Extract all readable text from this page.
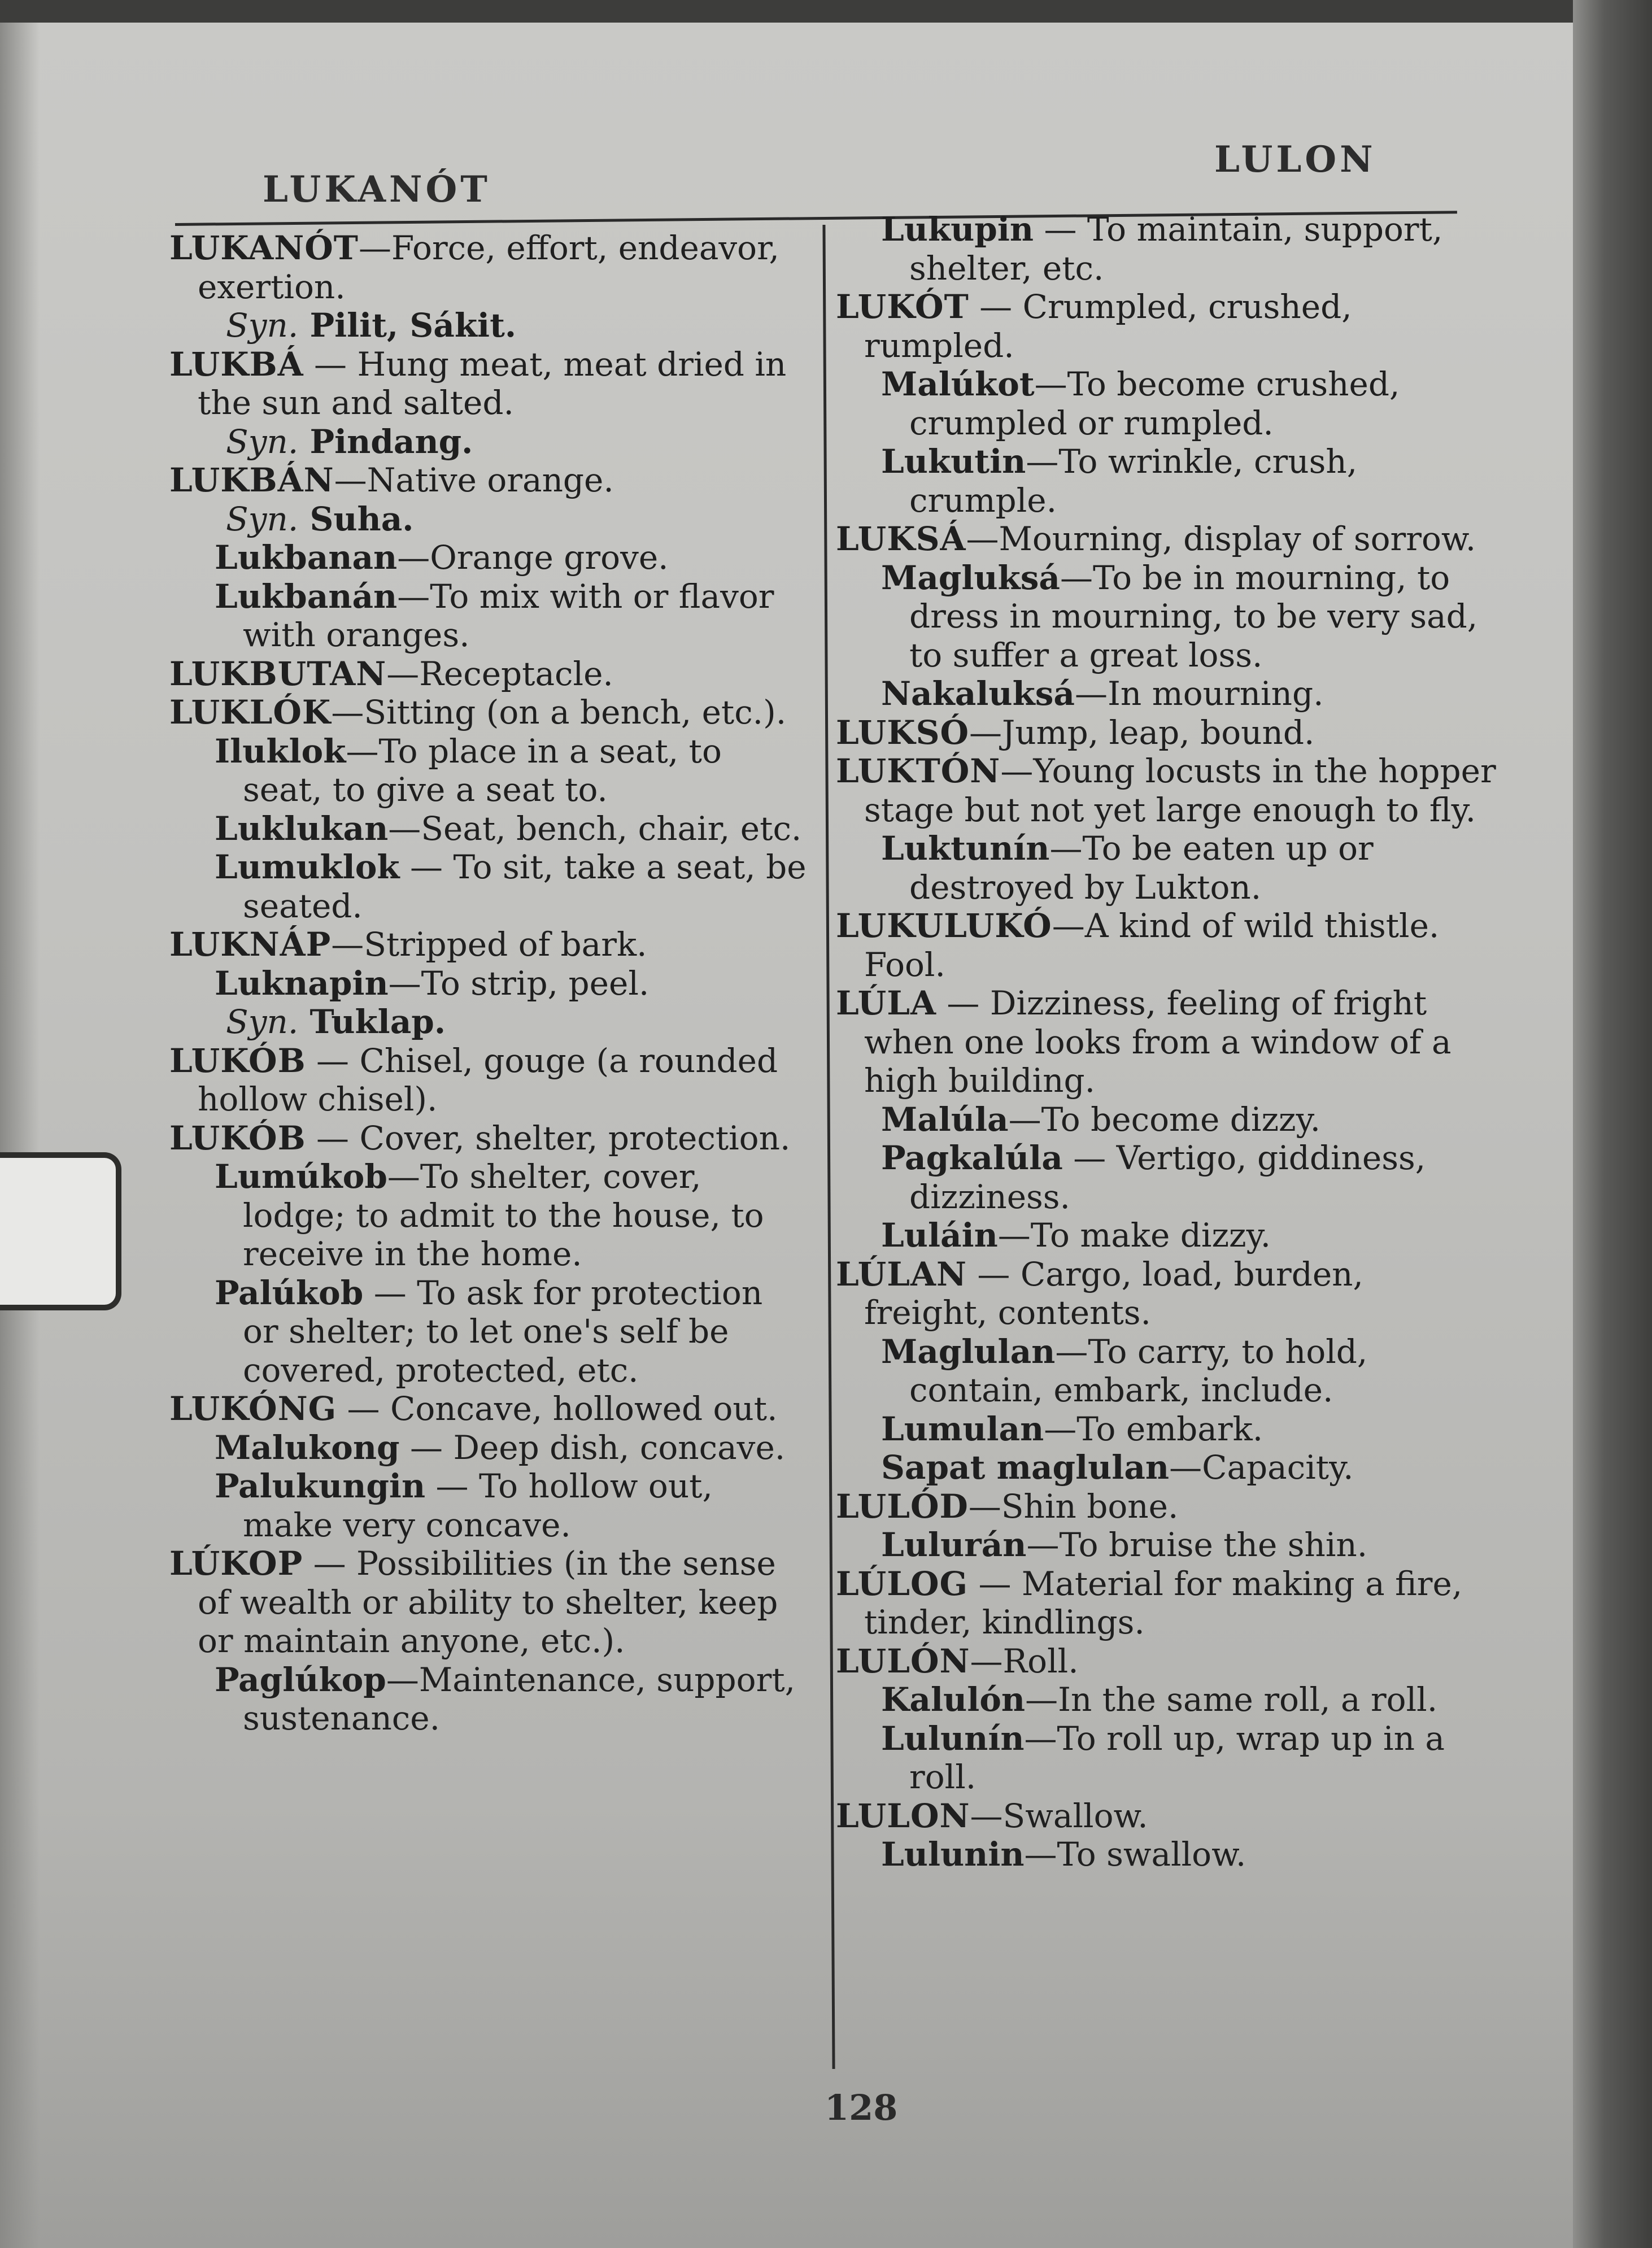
LUKANÓT
LULON

LUKANÓT—Force, effort, endeavor, exertion.

Syn. Pilit, Sákit.

LUKBÁ — Hung meat, meat dried in the sun and salted.

Syn. Pindang.

LUKBÁN—Native orange.

Syn. Suha.

Lukbanan—Orange grove.

Lukbanán—To mix with or flavor with oranges.

LUKBUTAN—Receptacle.

LUKLÓK—Sitting (on a bench, etc.).

Iluklok—To place in a seat, to seat, to give a seat to.

Luklukan—Seat, bench, chair, etc.

Lumuklok — To sit, take a seat, be seated.

LUKNÁP—Stripped of bark.

Luknapin—To strip, peel.

Syn. Tuklap.

LUKÓB — Chisel, gouge (a rounded hollow chisel).

LUKÓB — Cover, shelter, protection.

Lumúkob—To shelter, cover, lodge; to admit to the house, to receive in the home.

Palúkob — To ask for protection or shelter; to let one's self be covered, protected, etc.

LUKÓNG — Concave, hollowed out.

Malukong — Deep dish, concave.

Palukungin — To hollow out, make very concave.

LÚKOP — Possibilities (in the sense of wealth or ability to shelter, keep or maintain anyone, etc.).

Paglúkop—Maintenance, support, sustenance.

Lukupin — To maintain, support, shelter, etc.

LUKÓT — Crumpled, crushed, rumpled.

Malúkot—To become crushed, crumpled or rumpled.

Lukutin—To wrinkle, crush, crumple.

LUKSÁ—Mourning, display of sorrow.

Magluksá—To be in mourning, to dress in mourning, to be very sad, to suffer a great loss.

Nakaluksá—In mourning.

LUKSÓ—Jump, leap, bound.

LUKTÓN—Young locusts in the hopper stage but not yet large enough to fly.

Luktunín—To be eaten up or destroyed by Lukton.

LUKULUKÓ—A kind of wild thistle. Fool.

LÚLA — Dizziness, feeling of fright when one looks from a window of a high building.

Malúla—To become dizzy.

Pagkalúla — Vertigo, giddiness, dizziness.

Luláin—To make dizzy.

LÚLAN — Cargo, load, burden, freight, contents.

Maglulan—To carry, to hold, contain, embark, include.

Lumulan—To embark.

Sapat maglulan—Capacity.

LULÓD—Shin bone.

Lulurán—To bruise the shin.

LÚLOG — Material for making a fire, tinder, kindlings.

LULÓN—Roll.

Kalulón—In the same roll, a roll.

Lulunín—To roll up, wrap up in a roll.

LULON—Swallow.

Lulunin—To swallow.

128
